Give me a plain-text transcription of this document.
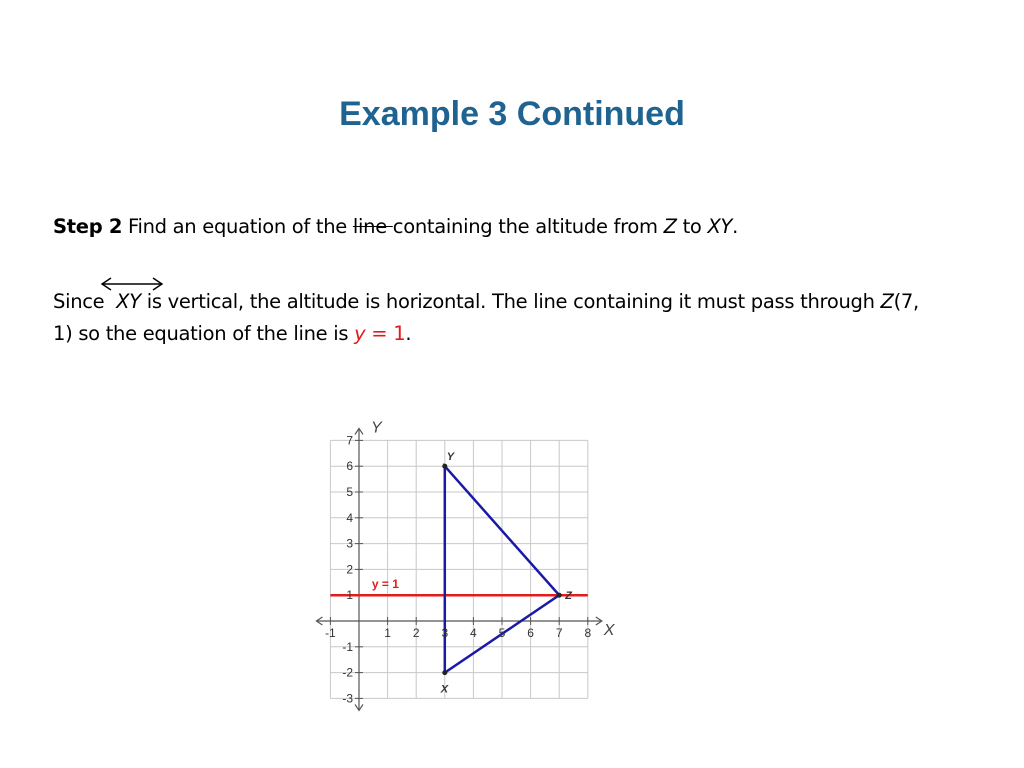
Example 3 Continued
Step 2 Find an equation of the line containing the altitude from Z to XY.
Since  XY
is vertical, the altitude is horizontal. The line containing it must pass through Z(7, 1) so the equation of the line is y = 1.
-1	1 2 3 4 5 6 7 8
7
6
5
4
3
2
1
-1
-2
-3
X
Y
y = 1
Y
Z
X
